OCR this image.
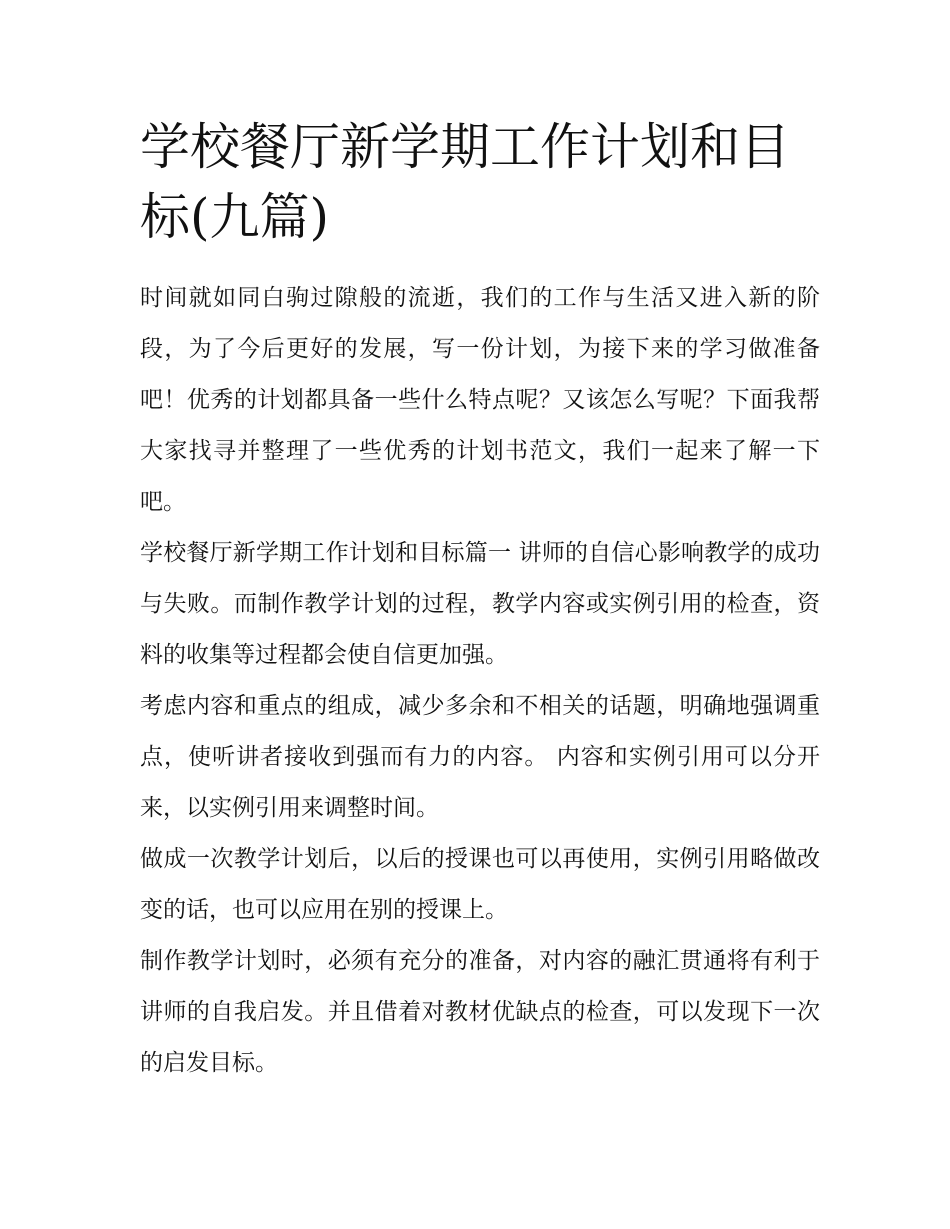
学校餐厅新学期工作计划和目标(九篇)

时间就如同白驹过隙般的流逝，我们的工作与生活又进入新的阶段，为了今后更好的发展，写一份计划，为接下来的学习做准备吧！优秀的计划都具备一些什么特点呢？又该怎么写呢？下面我帮大家找寻并整理了一些优秀的计划书范文，我们一起来了解一下吧。

学校餐厅新学期工作计划和目标篇一 讲师的自信心影响教学的成功与失败。而制作教学计划的过程，教学内容或实例引用的检查，资料的收集等过程都会使自信更加强。

考虑内容和重点的组成，减少多余和不相关的话题，明确地强调重点，使听讲者接收到强而有力的内容。 内容和实例引用可以分开来，以实例引用来调整时间。

做成一次教学计划后，以后的授课也可以再使用，实例引用略做改变的话，也可以应用在别的授课上。

制作教学计划时，必须有充分的准备，对内容的融汇贯通将有利于讲师的自我启发。并且借着对教材优缺点的检查，可以发现下一次的启发目标。
